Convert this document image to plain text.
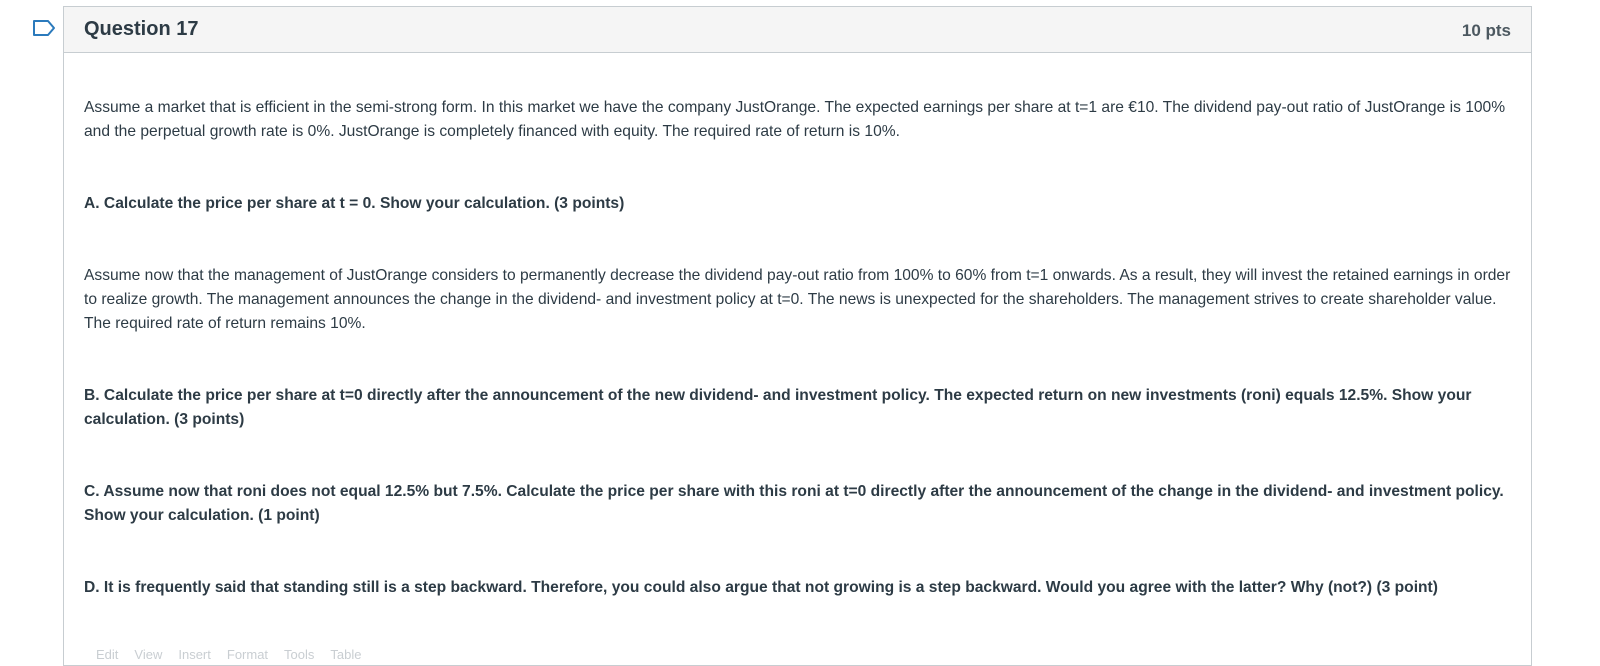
Question 17	10 pts

Assume a market that is efficient in the semi-strong form. In this market we have the company JustOrange. The expected earnings per share at t=1 are €10. The dividend pay-out ratio of JustOrange is 100% and the perpetual growth rate is 0%. JustOrange is completely financed with equity. The required rate of return is 10%.

A. Calculate the price per share at t = 0. Show your calculation. (3 points)

Assume now that the management of JustOrange considers to permanently decrease the dividend pay-out ratio from 100% to 60% from t=1 onwards. As a result, they will invest the retained earnings in order to realize growth. The management announces the change in the dividend- and investment policy at t=0. The news is unexpected for the shareholders. The management strives to create shareholder value. The required rate of return remains 10%.

B. Calculate the price per share at t=0 directly after the announcement of the new dividend- and investment policy. The expected return on new investments (roni) equals 12.5%. Show your calculation. (3 points)

C. Assume now that roni does not equal 12.5% but 7.5%. Calculate the price per share with this roni at t=0 directly after the announcement of the change in the dividend- and investment policy. Show your calculation. (1 point)

D. It is frequently said that standing still is a step backward. Therefore, you could also argue that not growing is a step backward. Would you agree with the latter? Why (not?) (3 point)

Edit View Insert Format Tools Table
